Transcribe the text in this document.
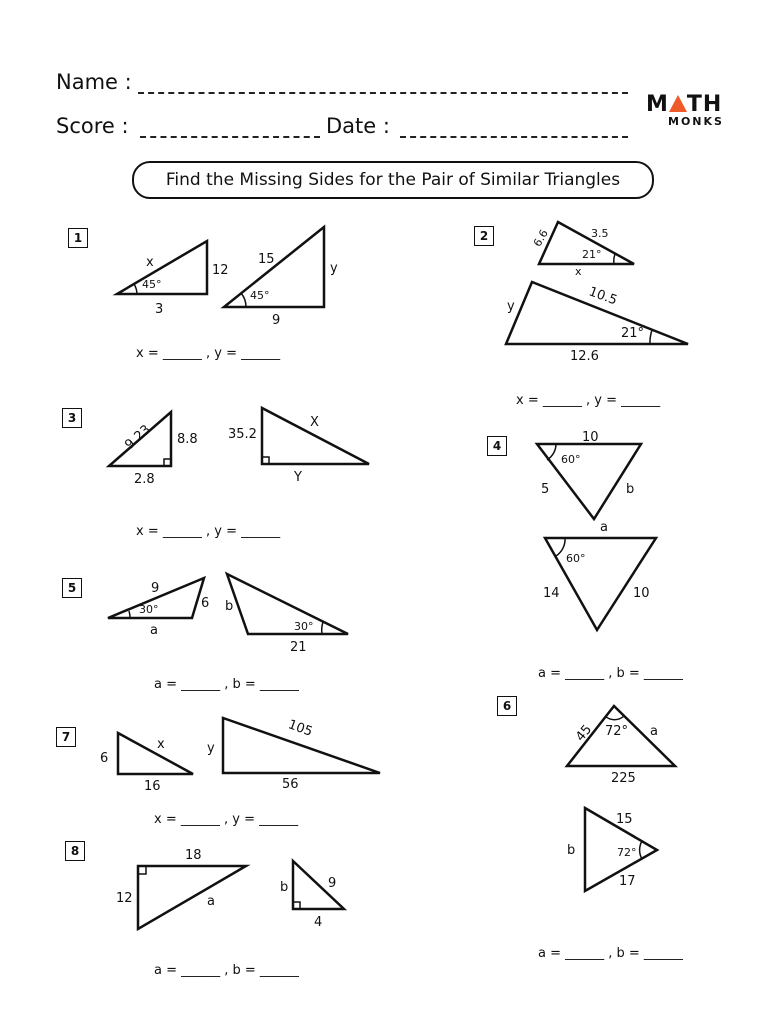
Name :
Score :	Date :
M TH
MONKS
Find the Missing Sides for the Pair of Similar Triangles
1	2
3
4
5
6
7
8
x = ______ , y = ______
x = ______ , y = ______
x = ______ , y = ______
a = ______ , b = ______
a = ______ , b = ______
a = ______ , b = ______
x = ______ , y = ______
a = ______ , b = ______
x
45°
12
3
15
45°
y
9
6.6	3.5
21°
x
y	10.5
21°
12.6
9.23 8.8
2.8
35.2
X
Y
10
60°
5	b
a
60°
14	10
9
30°	6
a
b
30°
21
45 72° a
225
15
b	72°
17
6
x
16
y
105
56
18
12	a
b	9
4
